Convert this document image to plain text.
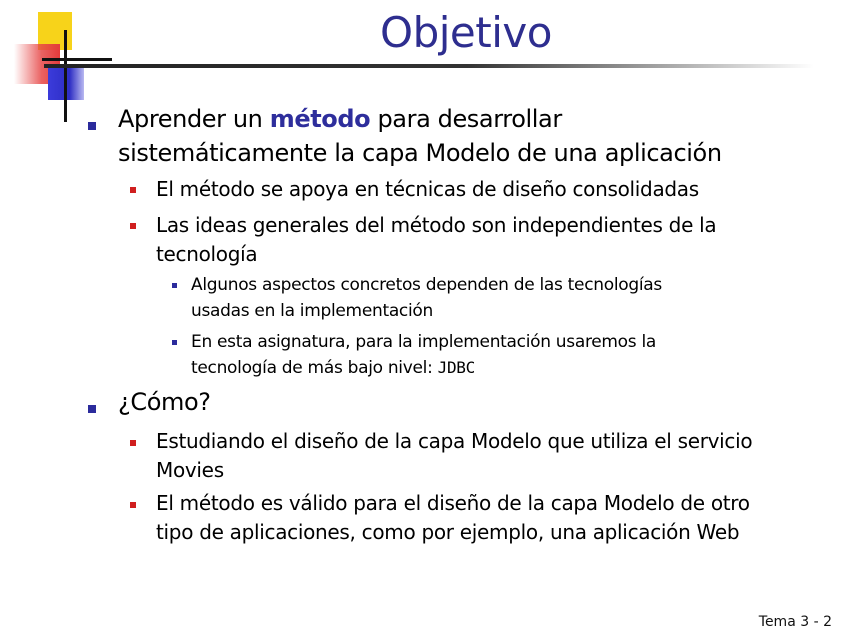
Objetivo
Aprender un método para desarrollar
sistemáticamente la capa Modelo de una aplicación
El método se apoya en técnicas de diseño consolidadas
Las ideas generales del método son independientes de la
tecnología
Algunos aspectos concretos dependen de las tecnologías
usadas en la implementación
En esta asignatura, para la implementación usaremos la
tecnología de más bajo nivel: JDBC
¿Cómo?
Estudiando el diseño de la capa Modelo que utiliza el servicio
Movies
El método es válido para el diseño de la capa Modelo de otro
tipo de aplicaciones, como por ejemplo, una aplicación Web
Tema 3 - 2
